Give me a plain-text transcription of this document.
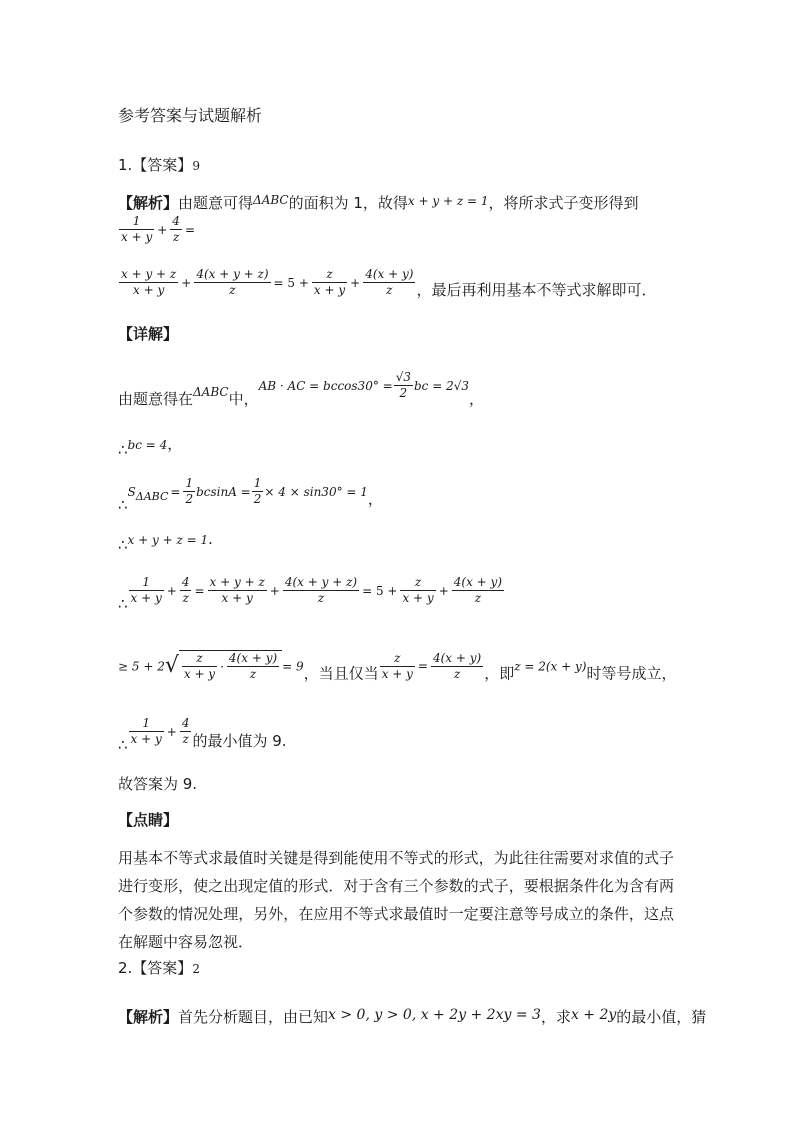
参考答案与试题解析
1.【答案】9
【解析】由题意可得$^{\Delta ABC}$的面积为 1，故得$^{x + y + z = 1}$，将所求式子变形得到
$\frac{1}{x + y} + \frac{4}{z}$ =
$\frac{x + y + z}{x + y} + \frac{4(x + y + z)}{z} = 5 + \frac{z}{x + y} + \frac{4(x + y)}{z}$ ，最后再利用基本不等式求解即可．
【详解】
由题意得在$_{\Delta ABC}$中，AB · AC = $bccos30^\circ = \frac{√3}{2}$ bc = 2√3，
∴bc = 4，
$\therefore S_{\Delta ABC} = \frac{1}{2}$ $bcsinA = \frac{1}{2} \times 4 \times \sin 30^\circ = 1$，
∴x + y + z = 1.
∴ $\frac{1}{x + y} + \frac{4}{z} = \frac{x + y + z}{x + y} + \frac{4(x + y + z)}{z} = 5 + \frac{z}{x + y} + \frac{4(x + y)}{z}$
≥ $5 + 2√ \frac{z}{x + y} \cdot \frac{4(x + y)}{z} = 9$，当且仅当 $\frac{z}{x + y} = \frac{4(x + y)}{z}$ ，即z = 2(x + y)时等号成立，
∴ $\frac{1}{x + y} + \frac{4}{z}$ 的最小值为 9.
故答案为 9.
【点睛】
用基本不等式求最值时关键是得到能使用不等式的形式，为此往往需要对求值的式子进行变形，使之出现定值的形式．对于含有三个参数的式子，要根据条件化为含有两个参数的情况处理，另外，在应用不等式求最值时一定要注意等号成立的条件，这点在解题中容易忽视．
2.【答案】2
【解析】首先分析题目，由已知x > 0, y > 0, x + 2y + 2xy = 3，求x + 2y的最小值，猜
